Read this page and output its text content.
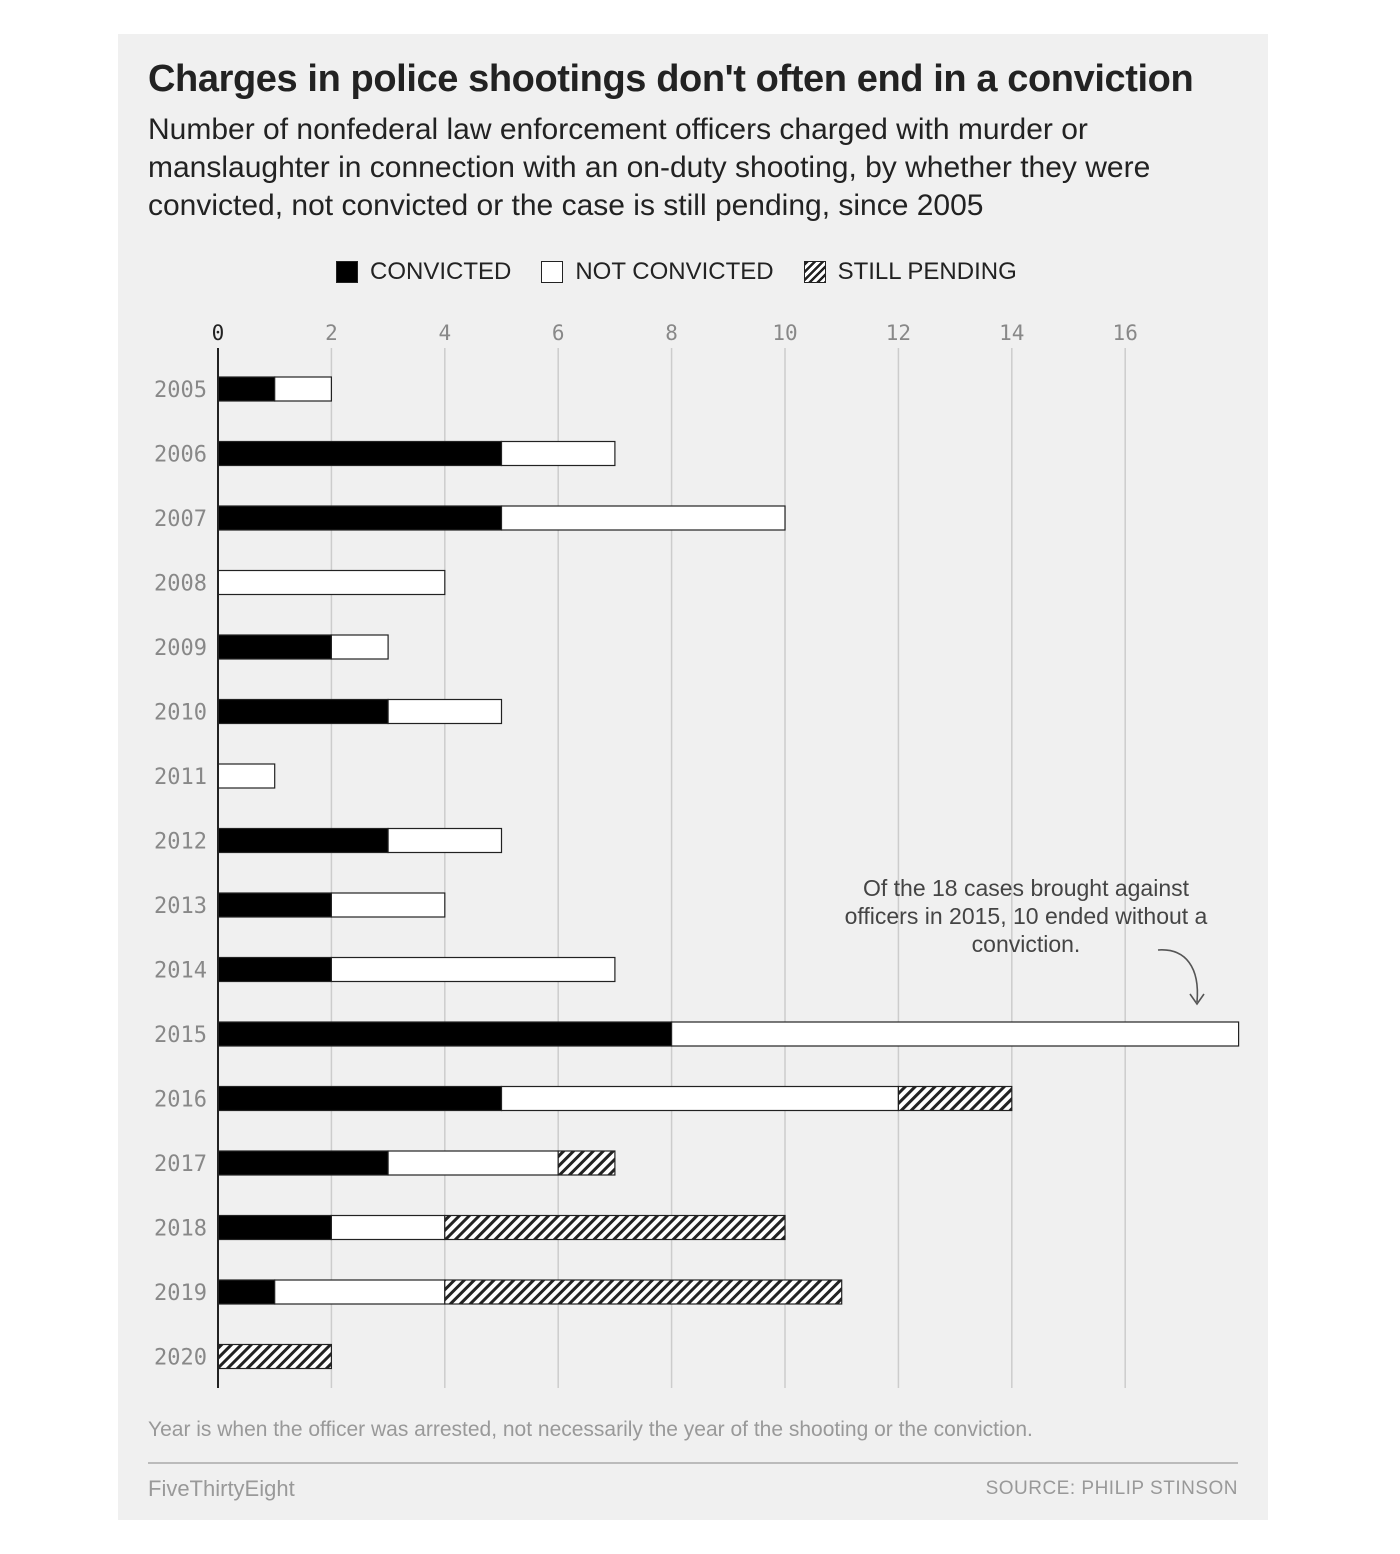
Charges in police shootings don't often end in a conviction
Number of nonfederal law enforcement officers charged with murder or manslaughter in connection with an on-duty shooting, by whether they were convicted, not convicted or the case is still pending, since 2005
CONVICTED	NOT CONVICTED	STILL PENDING
0	2	4	6	8	10	12	14	16
2005
2006
2007
2008
2009
2010
2011
2012
2013
2014
2015
2016
2017
2018
2019
2020
Of the 18 cases brought against officers in 2015, 10 ended without a conviction.
Year is when the officer was arrested, not necessarily the year of the shooting or the conviction.
FiveThirtyEight	SOURCE: PHILIP STINSON
